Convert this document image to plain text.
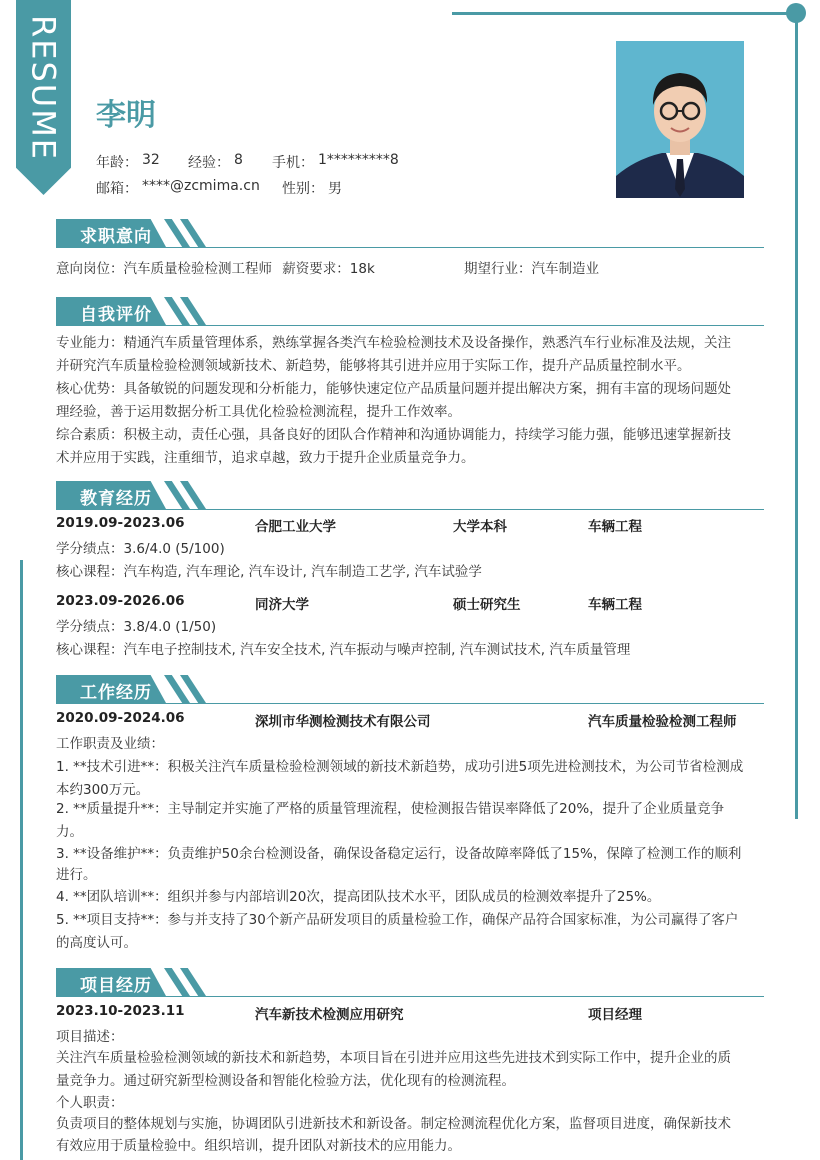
RESUME 李明
年龄： 32 经验： 8 手机： 1*********8
邮箱： ****@zcmima.cn 性别： 男
求职意向
意向岗位：汽车质量检验检测工程师 薪资要求：18k	期望行业：汽车制造业
自我评价
专业能力：精通汽车质量管理体系，熟练掌握各类汽车检验检测技术及设备操作，熟悉汽车行业标准及法规，关注
并研究汽车质量检验检测领域新技术、新趋势，能够将其引进并应用于实际工作，提升产品质量控制水平。
核心优势：具备敏锐的问题发现和分析能力，能够快速定位产品质量问题并提出解决方案，拥有丰富的现场问题处
理经验，善于运用数据分析工具优化检验检测流程，提升工作效率。
综合素质：积极主动，责任心强，具备良好的团队合作精神和沟通协调能力，持续学习能力强，能够迅速掌握新技
术并应用于实践，注重细节，追求卓越，致力于提升企业质量竞争力。
教育经历
2019.09-2023.06	合肥工业大学	大学本科	车辆工程
学分绩点：3.6/4.0 (5/100)
核心课程：汽车构造, 汽车理论, 汽车设计, 汽车制造工艺学, 汽车试验学
2023.09-2026.06	同济大学	硕士研究生	车辆工程
学分绩点：3.8/4.0 (1/50)
核心课程：汽车电子控制技术, 汽车安全技术, 汽车振动与噪声控制, 汽车测试技术, 汽车质量管理
工作经历
2020.09-2024.06	深圳市华测检测技术有限公司	汽车质量检验检测工程师
工作职责及业绩：
1. **技术引进**：积极关注汽车质量检验检测领域的新技术新趋势，成功引进5项先进检测技术，为公司节省检测成
本约300万元。
2. **质量提升**：主导制定并实施了严格的质量管理流程，使检测报告错误率降低了20%，提升了企业质量竞争
力。
3. **设备维护**：负责维护50余台检测设备，确保设备稳定运行，设备故障率降低了15%，保障了检测工作的顺利
进行。
4. **团队培训**：组织并参与内部培训20次，提高团队技术水平，团队成员的检测效率提升了25%。
5. **项目支持**：参与并支持了30个新产品研发项目的质量检验工作，确保产品符合国家标准，为公司赢得了客户
的高度认可。
项目经历
2023.10-2023.11	汽车新技术检测应用研究	项目经理
项目描述：
关注汽车质量检验检测领域的新技术和新趋势，本项目旨在引进并应用这些先进技术到实际工作中，提升企业的质
量竞争力。通过研究新型检测设备和智能化检验方法，优化现有的检测流程。
个人职责：
负责项目的整体规划与实施，协调团队引进新技术和新设备。制定检测流程优化方案，监督项目进度，确保新技术
有效应用于质量检验中。组织培训，提升团队对新技术的应用能力。
